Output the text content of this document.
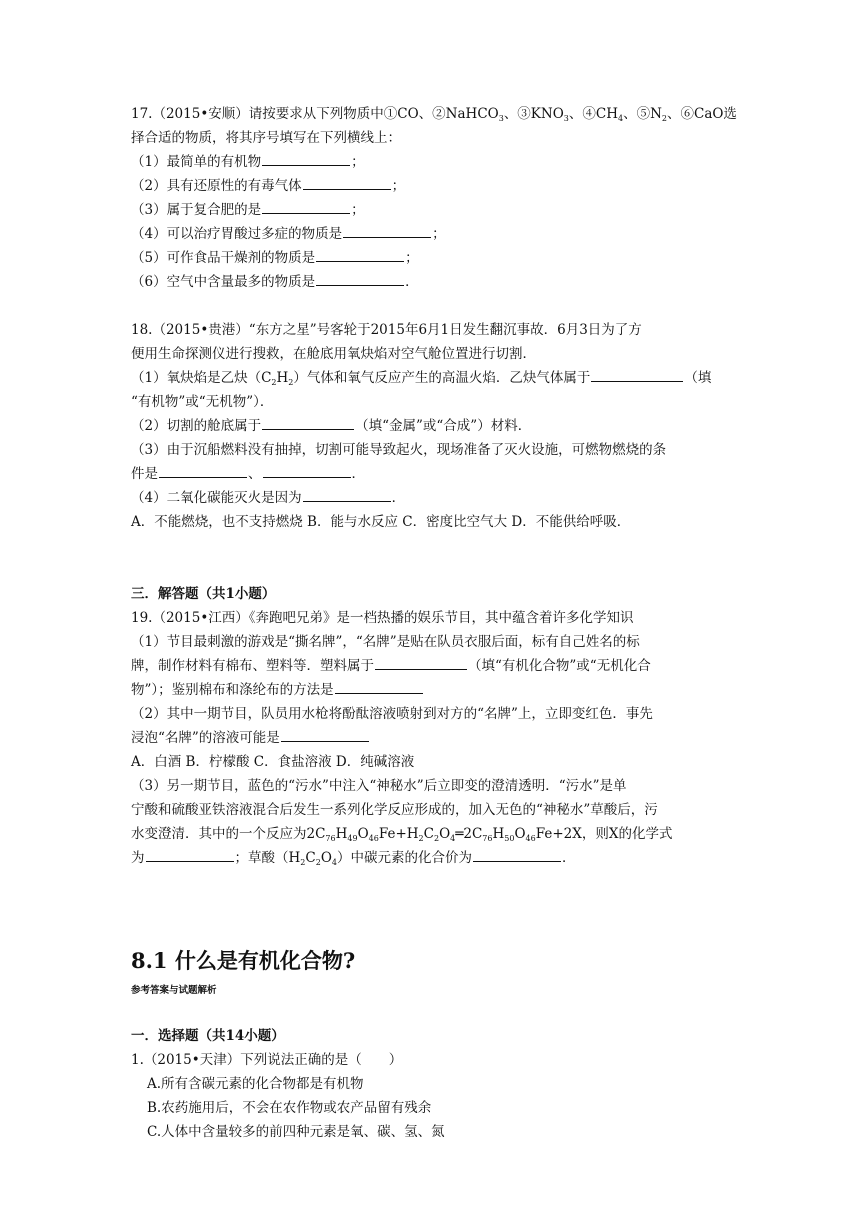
17.（2015•安顺）请按要求从下列物质中①CO、②NaHCO$_3$、$③KNO_3$、$④CH_4$、$⑤N_2$、⑥CaO选
择合适的物质，将其序号填写在下列横线上：
（1）最简单的有机物	；
（2）具有还原性的有毒气体	；
（3）属于复合肥的是	；
（4）可以治疗胃酸过多症的物质是	；
（5）可作食品干燥剂的物质是	；
（6）空气中含量最多的物质是	．
18.（2015•贵港）“东方之星”号客轮于2015年6月1日发生翻沉事故．6月3日为了方
便用生命探测仪进行搜救，在舱底用氧炔焰对空气舱位置进行切割．
（1）氧炔焰是乙炔$(C_2H_2)$气体和氧气反应产生的高温火焰．乙炔气体属于	（填
“有机物”或“无机物”）．
（2）切割的舱底属于	（填“金属”或“合成”）材料．
（3）由于沉船燃料没有抽掉，切割可能导致起火，现场准备了灭火设施，可燃物燃烧的条
件是	、	．
（4）二氧化碳能灭火是因为	．
A．不能燃烧，也不支持燃烧 B．能与水反应 C．密度比空气大 D．不能供给呼吸．
三．解答题（共1小题）
19.（2015•江西）《奔跑吧兄弟》是一档热播的娱乐节目，其中蕴含着许多化学知识
（1）节目最刺激的游戏是“撕名牌”，“名牌”是贴在队员衣服后面，标有自己姓名的标
牌，制作材料有棉布、塑料等．塑料属于	（填“有机化合物”或“无机化合
物”）；鉴别棉布和涤纶布的方法是
（2）其中一期节目，队员用水枪将酚酞溶液喷射到对方的“名牌”上，立即变红色．事先
浸泡“名牌”的溶液可能是
A．白酒 B．柠檬酸 C．食盐溶液 D．纯碱溶液
（3）另一期节目，蓝色的“污水”中注入“神秘水”后立即变的澄清透明．“污水”是单
宁酸和硫酸亚铁溶液混合后发生一系列化学反应形成的，加入无色的“神秘水”草酸后，污
水变澄清．其中的一个反应为$2C_{76}H_{49}O_{46}Fe+H_2C_2O_4═2C_{76}H_{50}O_{46}Fe+2X$，则X的化学式
为	；草酸$(H_2C_2O_4)$中碳元素的化合价为	．
8.1 什么是有机化合物?
参考答案与试题解析
一．选择题（共14小题）
1.（2015•天津）下列说法正确的是（　　）
A.所有含碳元素的化合物都是有机物
B.农药施用后，不会在农作物或农产品留有残余
C.人体中含量较多的前四种元素是氧、碳、氢、氮
